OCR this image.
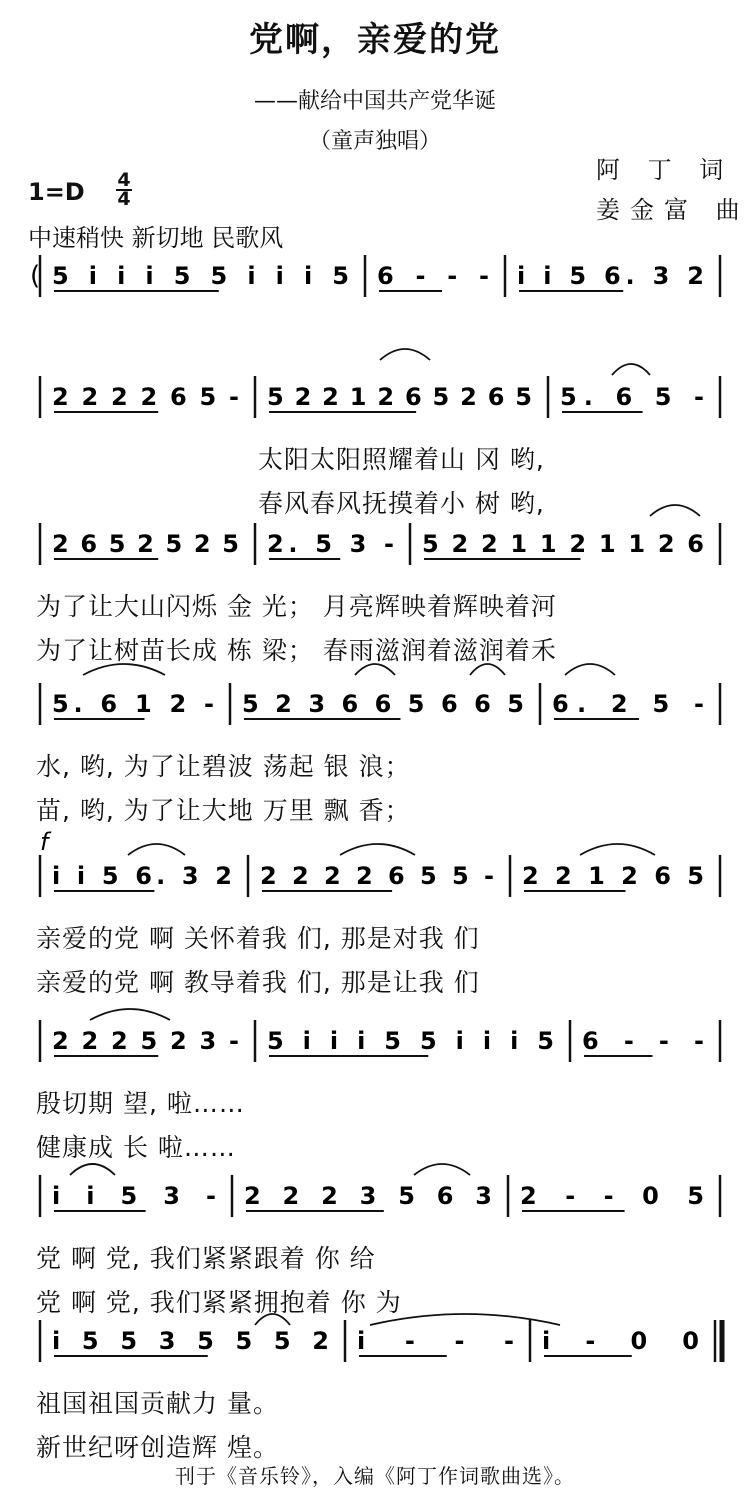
党啊，亲爱的党
——献给中国共产党华诞
（童声独唱）
阿 丁 词
姜金富 曲
1=D 4
4
中速稍快 新切地 民歌风
5 i i i 5 5 i i i 5 6 - - - i i 5 6. 3 2
2 2 2 2 6 5 - 5 2 2 1 2 6 5 2 6 5 5. 6 5 -
2 6 5 2 5 2 5 2. 5 3 - 5 2 2 1 1 2 1 1 2 6
5. 6 1 2 - 5 2 3 6 6 5 6 6 5 6. 2 5 -
i i 5 6. 3 2 2 2 2 2 6 5 5 - 2 2 1 2 6 5
2 2 2 5 2 3 - 5 i i i 5 5 i i i 5 6 - - -
i i 5 3 - 2 2 2 3 5 6 3 2 - - 0 5
i 5 5 3 5 5 5 2 i - - - i - 0 0
(
f
太阳太阳照耀着山 冈 哟,
春风春风抚摸着小 树 哟,
为了让大山闪烁 金 光； 月亮辉映着辉映着河
为了让树苗长成 栋 梁； 春雨滋润着滋润着禾
水, 哟, 为了让碧波 荡起 银 浪；
苗, 哟, 为了让大地 万里 飘 香；
亲爱的党 啊 关怀着我 们, 那是对我 们
亲爱的党 啊 教导着我 们, 那是让我 们
殷切期 望, 啦……
健康成 长 啦……
党 啊 党, 我们紧紧跟着 你 给
党 啊 党, 我们紧紧拥抱着 你 为
祖国祖国贡献力 量。
新世纪呀创造辉 煌。
刊于《音乐铃》，入编《阿丁作词歌曲选》。
